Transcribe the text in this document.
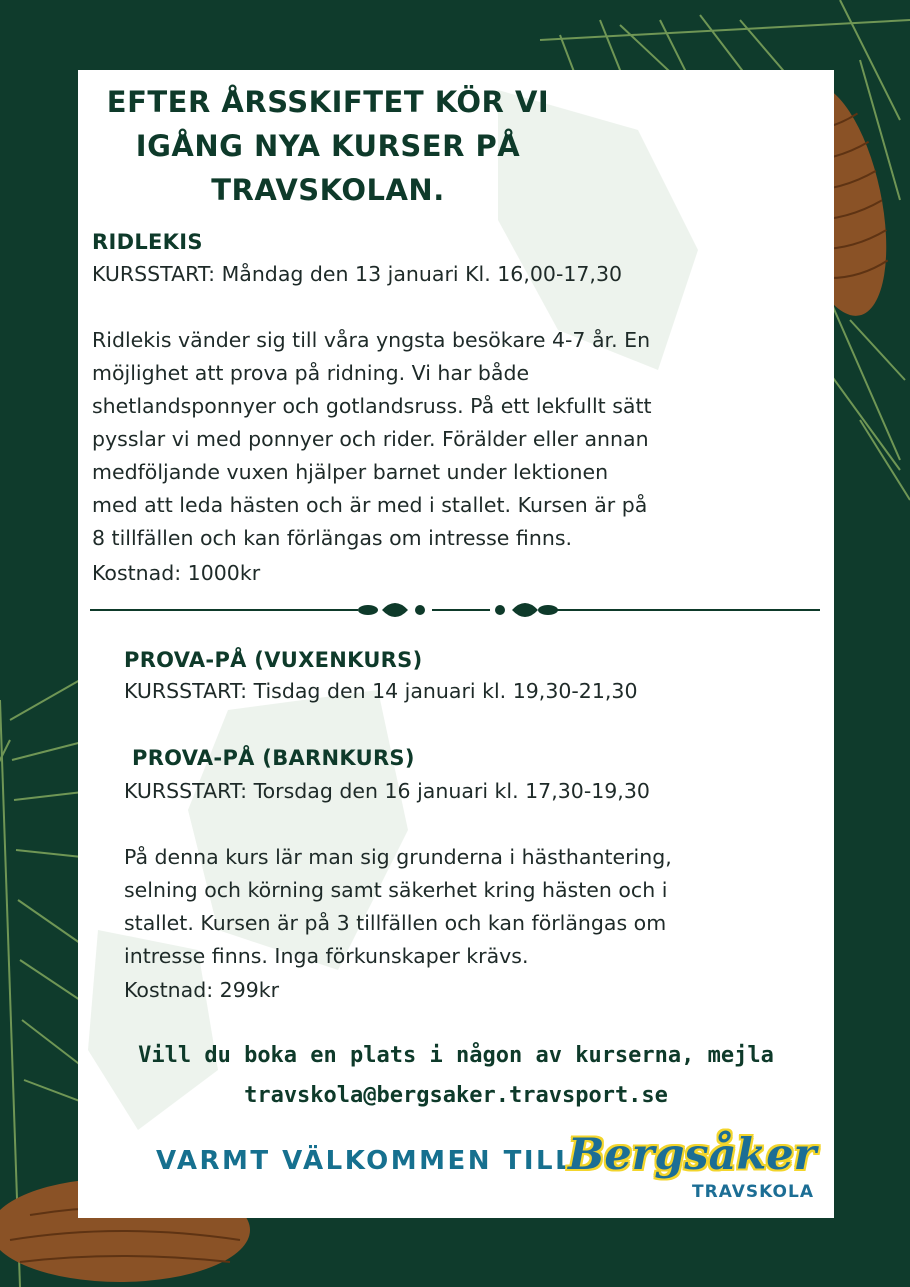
EFTER ÅRSSKIFTET KÖR VI IGÅNG NYA KURSER PÅ TRAVSKOLAN.
RIDLEKIS
KURSSTART: Måndag den 13 januari Kl. 16,00-17,30
Ridlekis vänder sig till våra yngsta besökare 4-7 år. En
möjlighet att prova på ridning. Vi har både
shetlandsponnyer och gotlandsruss. På ett lekfullt sätt
pysslar vi med ponnyer och rider. Förälder eller annan
medföljande vuxen hjälper barnet under lektionen
med att leda hästen och är med i stallet. Kursen är på
8 tillfällen och kan förlängas om intresse finns.
Kostnad: 1000kr
PROVA-PÅ (VUXENKURS)
KURSSTART: Tisdag den 14 januari kl. 19,30-21,30
PROVA-PÅ (BARNKURS)
KURSSTART: Torsdag den 16 januari kl. 17,30-19,30
På denna kurs lär man sig grunderna i hästhantering,
selning och körning samt säkerhet kring hästen och i
stallet. Kursen är på 3 tillfällen och kan förlängas om
intresse finns. Inga förkunskaper krävs.
Kostnad: 299kr
Vill du boka en plats i någon av kurserna, mejla
travskola@bergsaker.travsport.se
VARMT VÄLKOMMEN TILL
Bergsåker
TRAVSKOLA
